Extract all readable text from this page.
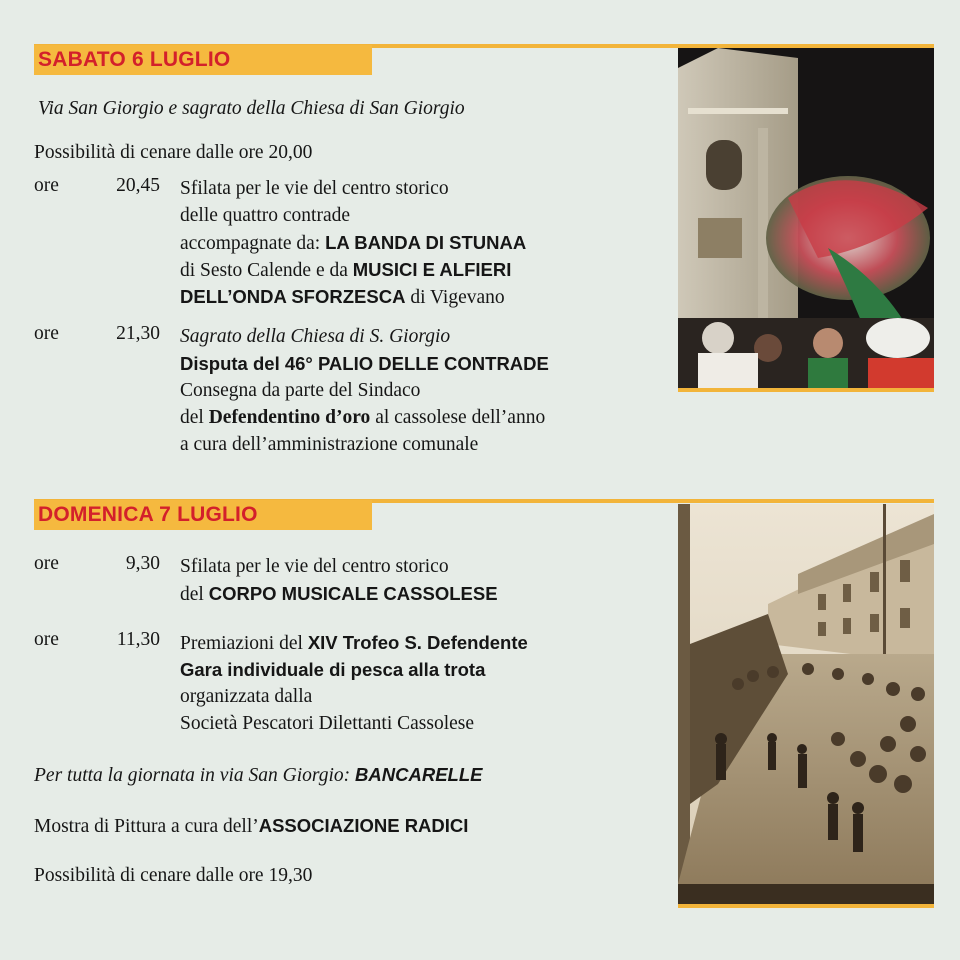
SABATO 6 LUGLIO
Via San Giorgio e sagrato della Chiesa di San Giorgio
Possibilità di cenare dalle ore 20,00
ore	20,45 Sfilata per le vie del centro storico
delle quattro contrade
accompagnate da: LA BANDA DI STUNAA
di Sesto Calende e da MUSICI E ALFIERI
DELL’ONDA SFORZESCA di Vigevano
ore	21,30 Sagrato della Chiesa di S. Giorgio
Disputa del 46° PALIO DELLE CONTRADE
Consegna da parte del Sindaco
del Defendentino d’oro al cassolese dell’anno
a cura dell’amministrazione comunale
DOMENICA 7 LUGLIO
ore	9,30 Sfilata per le vie del centro storico
del CORPO MUSICALE CASSOLESE
ore	11,30 Premiazioni del XIV Trofeo S. Defendente
Gara individuale di pesca alla trota
organizzata dalla
Società Pescatori Dilettanti Cassolese
Per tutta la giornata in via San Giorgio: BANCARELLE
Mostra di Pittura a cura dell’ASSOCIAZIONE RADICI
Possibilità di cenare dalle ore 19,30
